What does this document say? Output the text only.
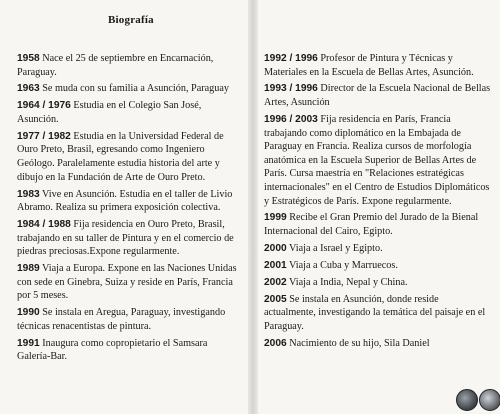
Biografía
1958 Nace el 25 de septiembre en Encarnación, Paraguay.
1963 Se muda con su familia a Asunción, Paraguay
1964 / 1976 Estudia en el Colegio San José, Asunción.
1977 / 1982 Estudia en la Universidad Federal de Ouro Preto, Brasil, egresando como Ingeniero Geólogo. Paralelamente estudia historia del arte y dibujo en la Fundación de Arte de Ouro Preto.
1983 Vive en Asunción. Estudia en el taller de Livio Abramo. Realiza su primera exposición colectiva.
1984 / 1988 Fija residencia en Ouro Preto, Brasil, trabajando en su taller de Pintura y en el comercio de piedras preciosas.Expone regularmente.
1989 Viaja a Europa. Expone en las Naciones Unidas con sede en Ginebra, Suiza y reside en París, Francia por 5 meses.
1990 Se instala en Aregua, Paraguay, investigando técnicas renacentistas de pintura.
1991 Inaugura como copropietario el Samsara Galería-Bar.
1992 / 1996 Profesor de Pintura y Técnicas y Materiales en la Escuela de Bellas Artes, Asunción.
1993 / 1996 Director de la Escuela Nacional de Bellas Artes, Asunción
1996 / 2003 Fija residencia en París, Francia trabajando como diplomático en la Embajada de Paraguay en Francia. Realiza cursos de morfología anatómica en la Escuela Superior de Bellas Artes de París. Cursa maestría en "Relaciones estratégicas internacionales" en el Centro de Estudios Diplomáticos y Estratégicos de París. Expone regularmente.
1999 Recibe el Gran Premio del Jurado de la Bienal Internacional del Cairo, Egipto.
2000 Viaja a Israel y Egipto.
2001 Viaja a Cuba y Marruecos.
2002 Viaja a India, Nepal y China.
2005 Se instala en Asunción, donde reside actualmente, investigando la temática del paisaje en el Paraguay.
2006 Nacimiento de su hijo, Sila Daniel
